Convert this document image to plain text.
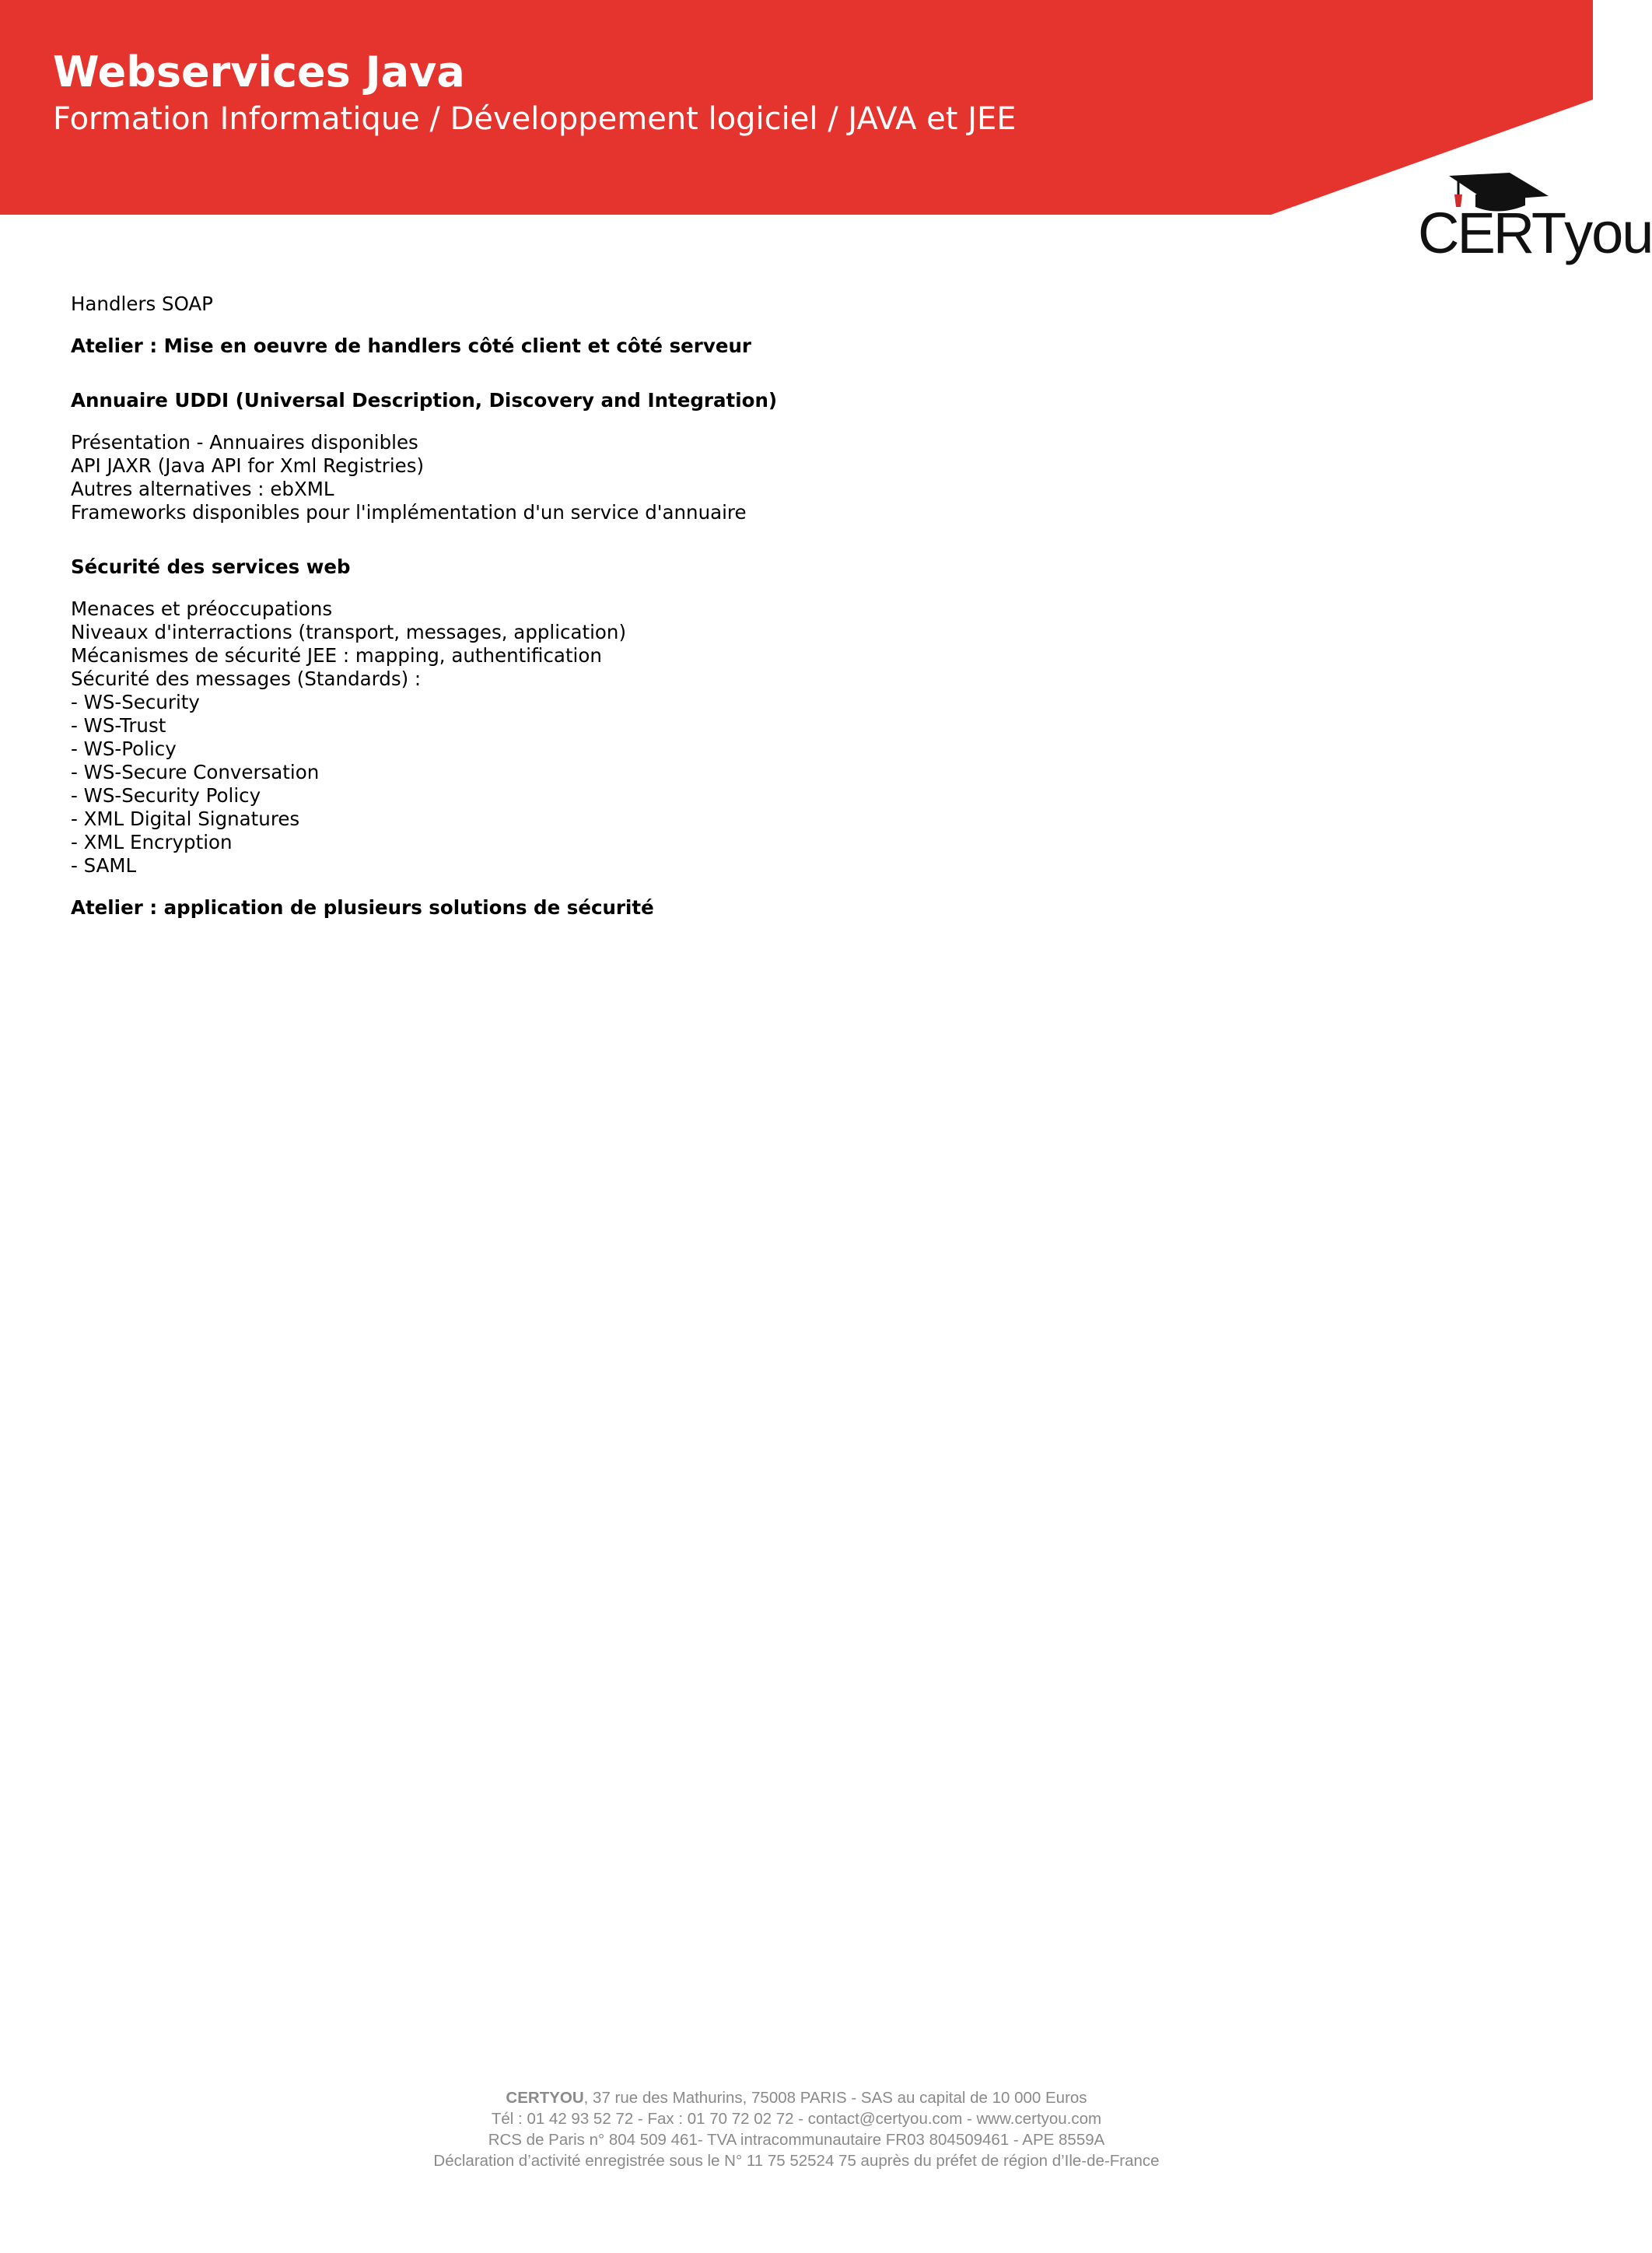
Webservices Java

Formation Informatique / Développement logiciel / JAVA et JEE

CERTyou

Handlers SOAP

Atelier : Mise en oeuvre de handlers côté client et côté serveur

Annuaire UDDI (Universal Description, Discovery and Integration)

Présentation - Annuaires disponibles

API JAXR (Java API for Xml Registries)

Autres alternatives : ebXML

Frameworks disponibles pour l'implémentation d'un service d'annuaire

Sécurité des services web

Menaces et préoccupations

Niveaux d'interractions (transport, messages, application)

Mécanismes de sécurité JEE : mapping, authentification

Sécurité des messages (Standards) :

- WS-Security

- WS-Trust

- WS-Policy

- WS-Secure Conversation

- WS-Security Policy

- XML Digital Signatures

- XML Encryption

- SAML

Atelier : application de plusieurs solutions de sécurité

CERTYOU, 37 rue des Mathurins, 75008 PARIS - SAS au capital de 10 000 Euros

Tél : 01 42 93 52 72 - Fax : 01 70 72 02 72 - contact@certyou.com - www.certyou.com

RCS de Paris n° 804 509 461- TVA intracommunautaire FR03 804509461 - APE 8559A

Déclaration d’activité enregistrée sous le N° 11 75 52524 75 auprès du préfet de région d’Ile-de-France
